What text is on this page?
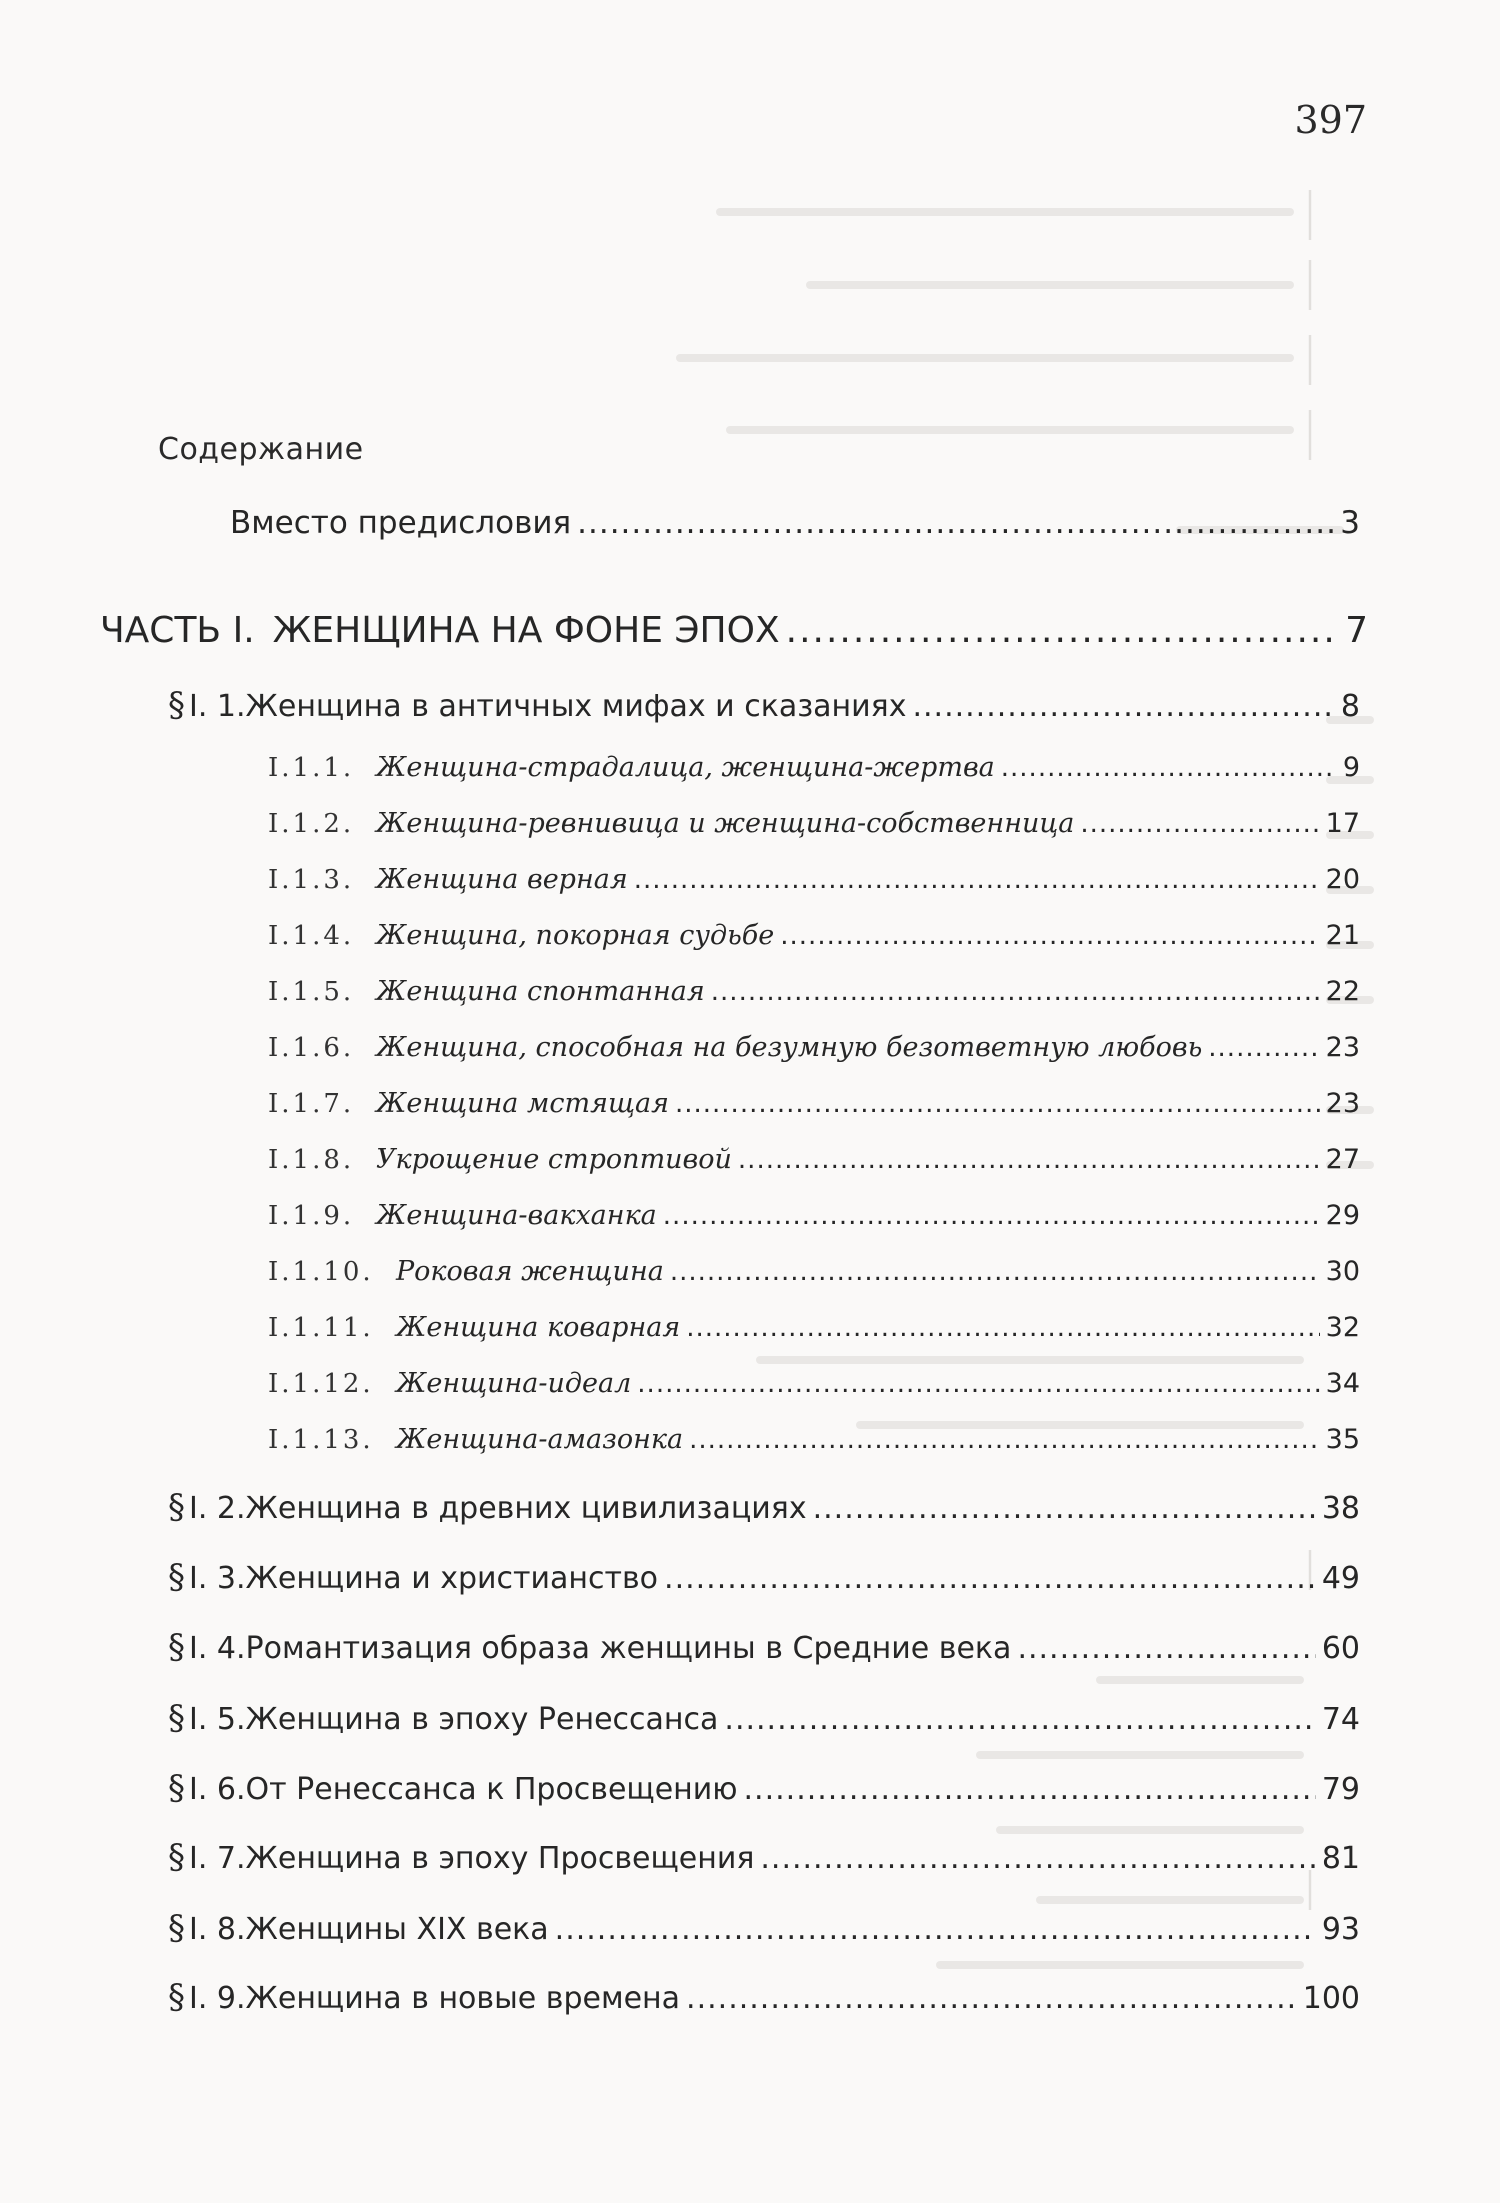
397
Содержание
Вместо предисловия .....	3
ЧАСТЬ I. ЖЕНЩИНА НА ФОНЕ ЭПОХ .....	7
§ I. 1. Женщина в античных мифах и сказаниях .....	8
I.1.1. Женщина-страдалица, женщина-жертва .....	9
I.1.2. Женщина-ревнивица и женщина-собственница .....	17
I.1.3. Женщина верная .....	20
I.1.4. Женщина, покорная судьбе .....	21
I.1.5. Женщина спонтанная .....	22
I.1.6. Женщина, способная на безумную безответную любовь .....	23
I.1.7. Женщина мстящая .....	23
I.1.8. Укрощение строптивой .....	27
I.1.9. Женщина-вакханка .....	29
I.1.10. Роковая женщина .....	30
I.1.11. Женщина коварная .....	32
I.1.12. Женщина-идеал .....	34
I.1.13. Женщина-амазонка .....	35
§ I. 2. Женщина в древних цивилизациях .....	38
§ I. 3. Женщина и христианство .....	49
§ I. 4. Романтизация образа женщины в Средние века .....	60
§ I. 5. Женщина в эпоху Ренессанса .....	74
§ I. 6. От Ренессанса к Просвещению .....	79
§ I. 7. Женщина в эпоху Просвещения .....	81
§ I. 8. Женщины XIX века .....	93
§ I. 9. Женщина в новые времена .....	100
